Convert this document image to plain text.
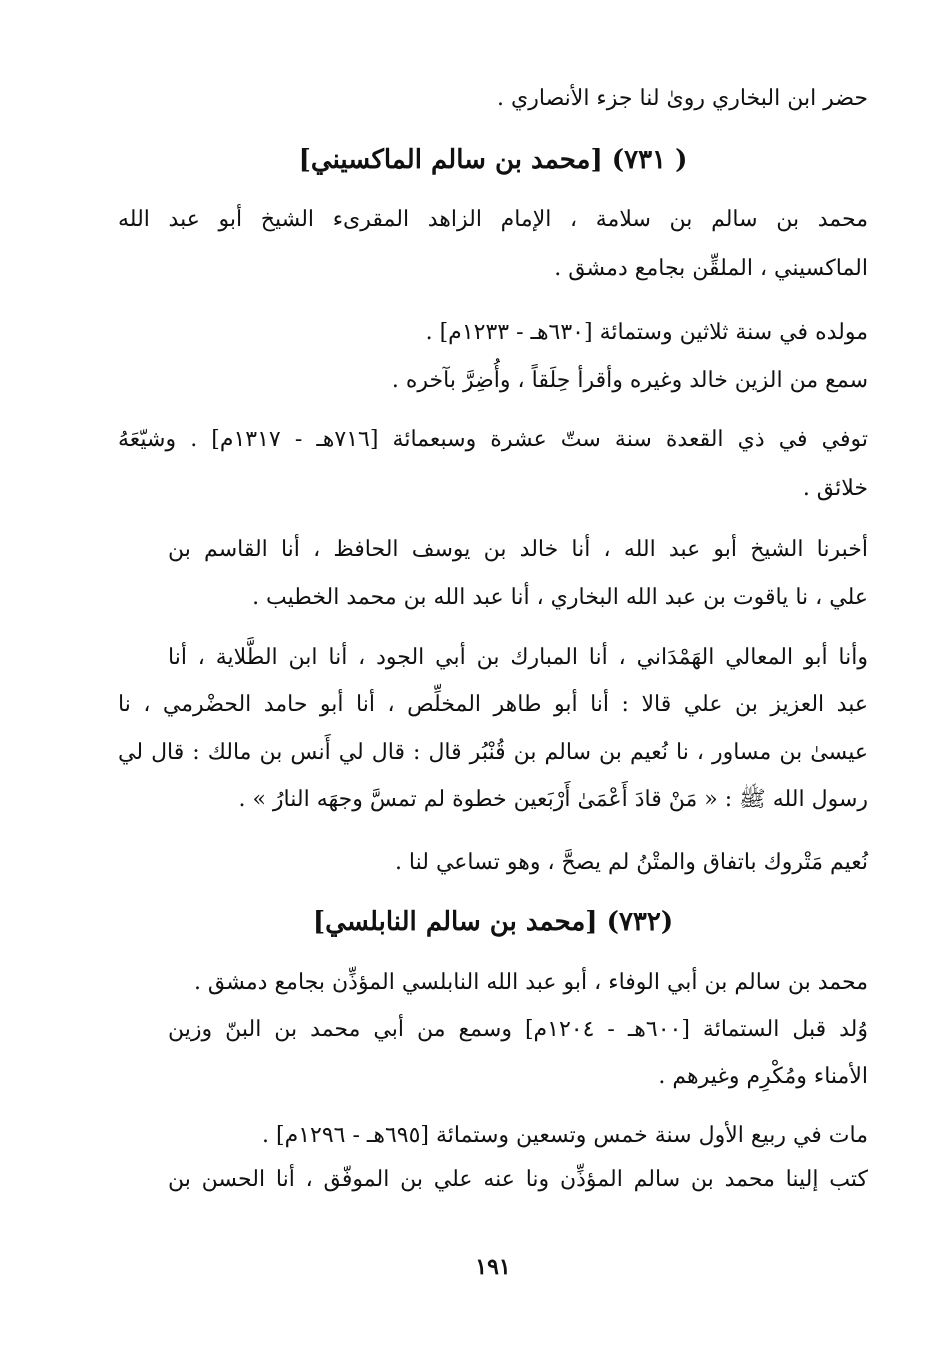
حضر ابن البخاري روىٰ لنا جزء الأنصاري .
( ٧٣١) [محمد بن سالم الماكسيني]
محمد بن سالم بن سلامة ، الإمام الزاهد المقرىء الشيخ أبو عبد الله
الماكسيني ، الملقِّن بجامع دمشق .
مولده في سنة ثلاثين وستمائة [٦٣٠هـ - ١٢٣٣م] .
سمع من الزين خالد وغيره وأقرأ حِلَقاً ، وأُضِرَّ بآخره .
توفي في ذي القعدة سنة ستّ عشرة وسبعمائة [٧١٦هـ - ١٣١٧م] . وشيّعَهُ
خلائق .
أخبرنا الشيخ أبو عبد الله ، أنا خالد بن يوسف الحافظ ، أنا القاسم بن
علي ، نا ياقوت بن عبد الله البخاري ، أنا عبد الله بن محمد الخطيب .
وأنا أبو المعالي الهَمْدَاني ، أنا المبارك بن أبي الجود ، أنا ابن الطَّلاية ، أنا
عبد العزيز بن علي قالا : أنا أبو طاهر المخلِّص ، أنا أبو حامد الحضْرمي ، نا
عيسىٰ بن مساور ، نا نُعيم بن سالم بن قُنْبُر قال : قال لي أَنس بن مالك : قال لي
رسول الله ﷺ : « مَنْ قادَ أَعْمَىٰ أَرْبَعين خطوة لم تمسَّ وجهَه النارُ » .
نُعيم مَتْروك باتفاق والمتْنُ لم يصحَّ ، وهو تساعي لنا .
(٧٣٢) [محمد بن سالم النابلسي]
محمد بن سالم بن أبي الوفاء ، أبو عبد الله النابلسي المؤذِّن بجامع دمشق .
وُلد قبل الستمائة [٦٠٠هـ - ١٢٠٤م] وسمع من أبي محمد بن البنّ وزين
الأمناء ومُكْرِم وغيرهم .
مات في ربيع الأول سنة خمس وتسعين وستمائة [٦٩٥هـ - ١٢٩٦م] .
كتب إلينا محمد بن سالم المؤذِّن ونا عنه علي بن الموفّق ، أنا الحسن بن
١٩١
